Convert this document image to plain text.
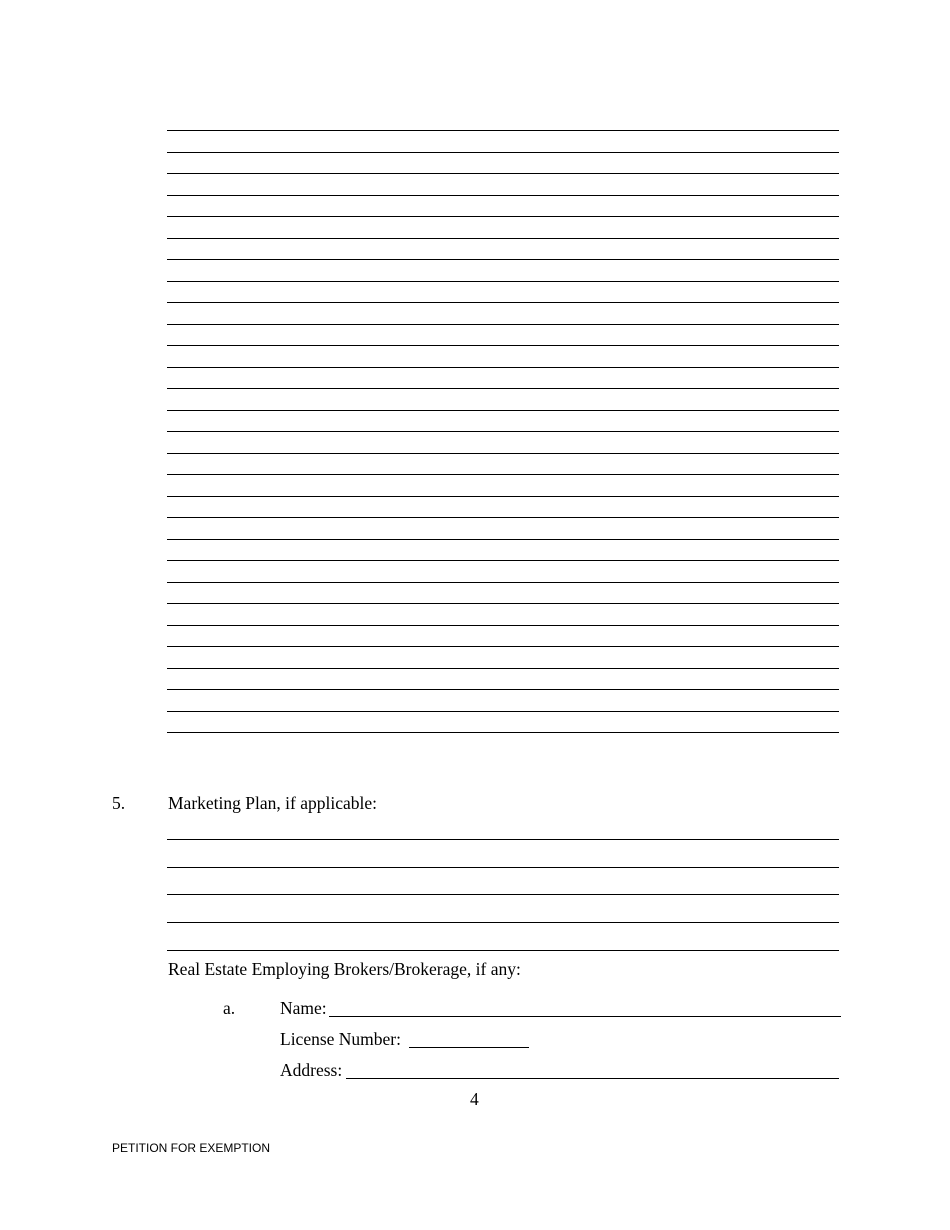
5. Marketing Plan, if applicable:
Real Estate Employing Brokers/Brokerage, if any:
a.	Name:
License Number:
Address:
4
PETITION FOR EXEMPTION
